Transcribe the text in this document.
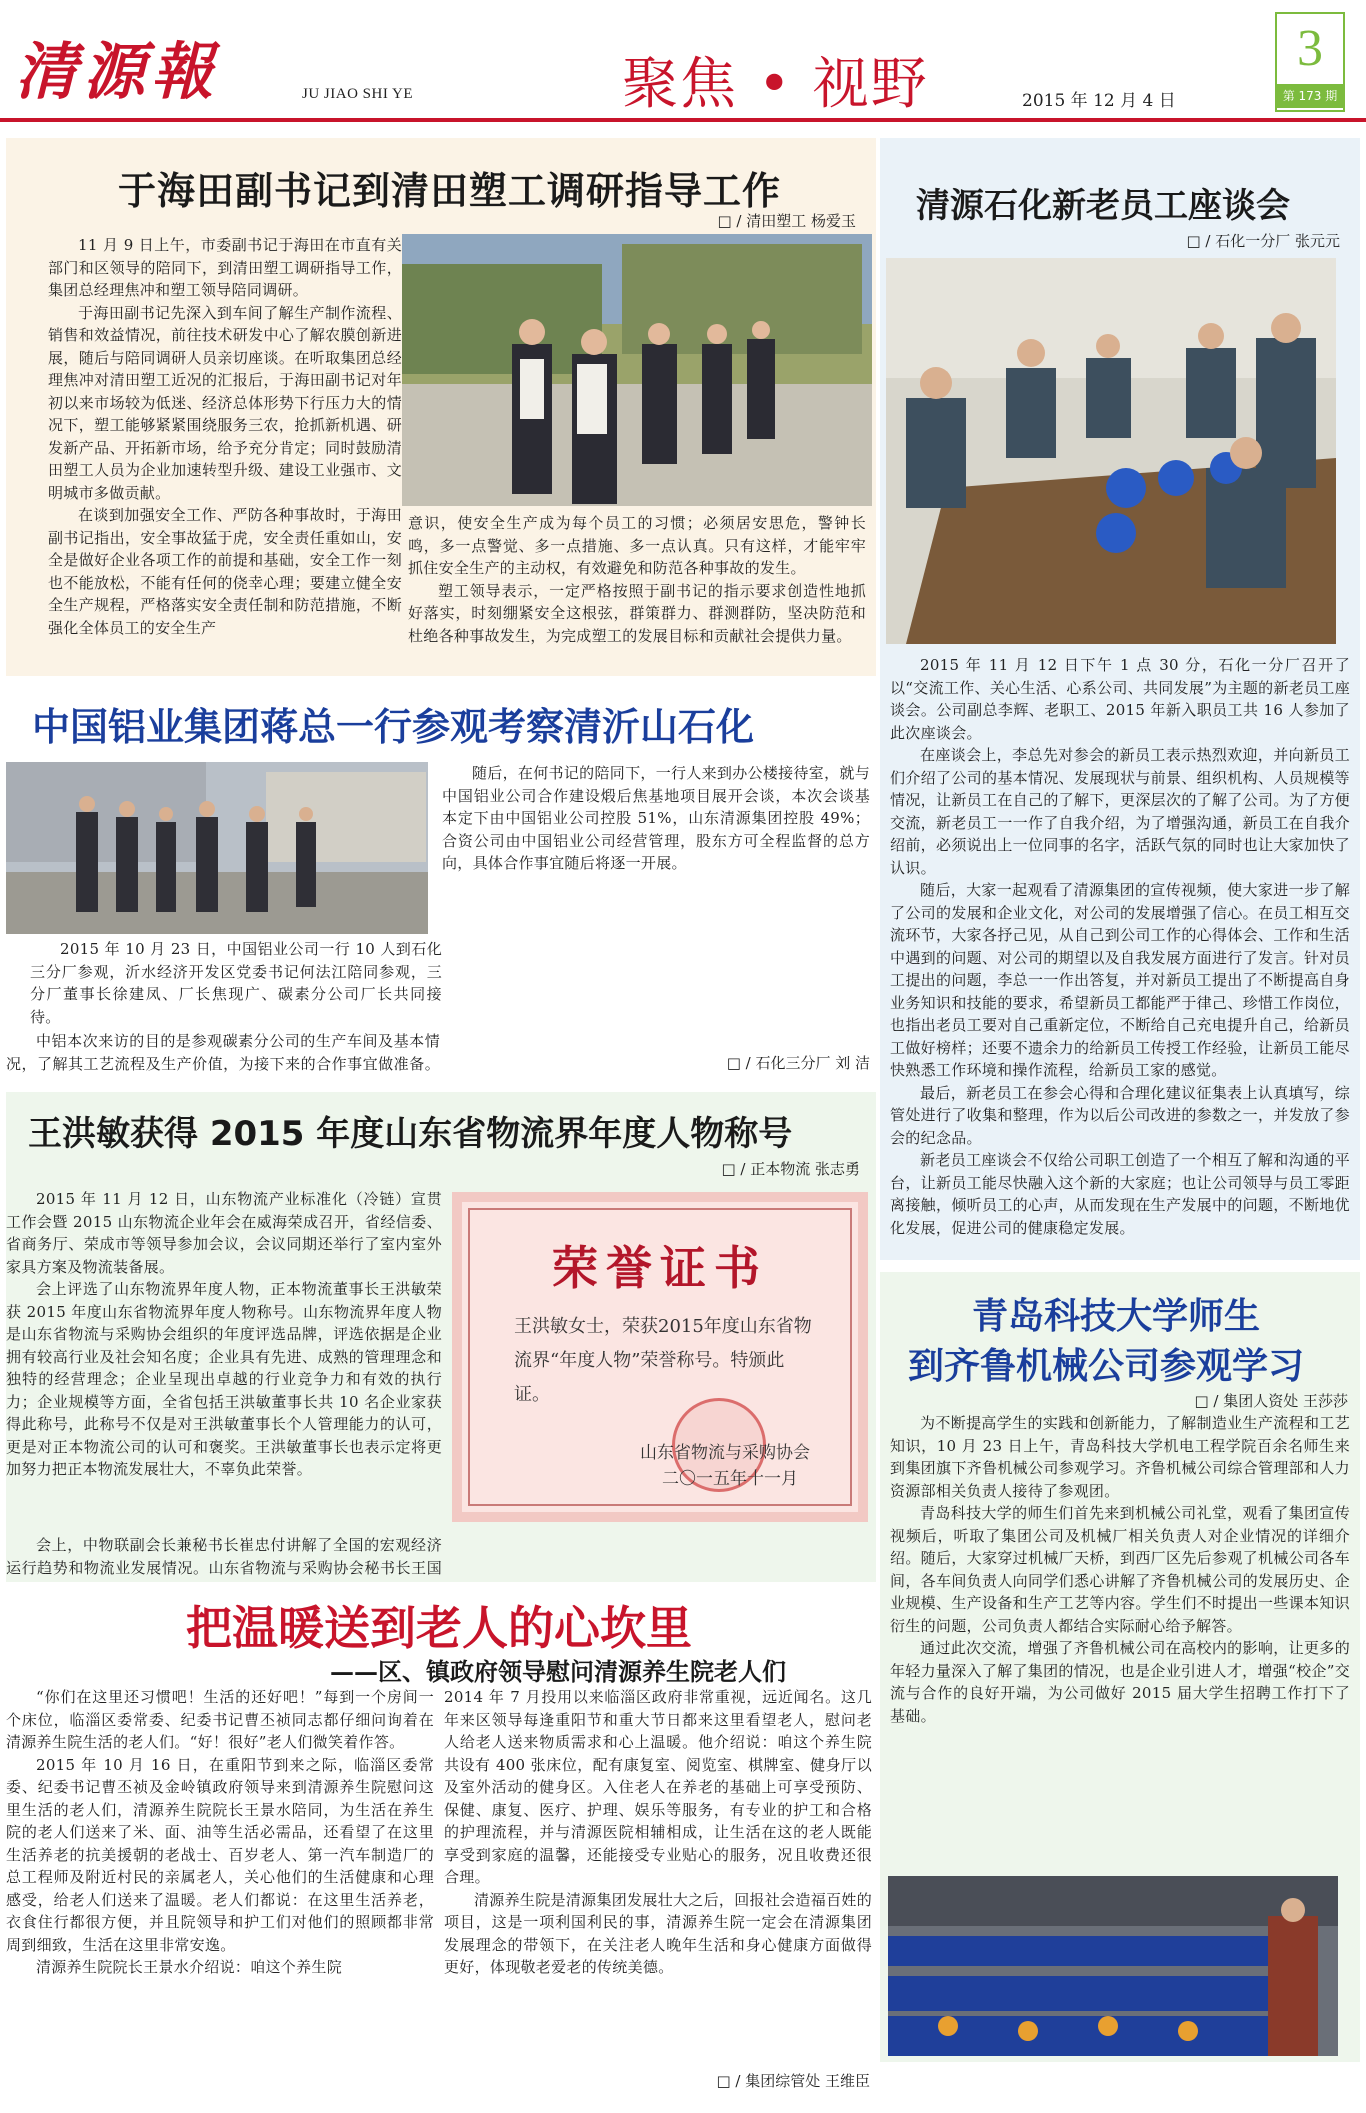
清源報	JU JIAO SHI YE	聚焦 • 视野	2015 年 12 月 4 日
3
第 173 期
于海田副书记到清田塑工调研指导工作
□ / 清田塑工 杨爱玉

11 月 9 日上午，市委副书记于海田在市直有关部门和区领导的陪同下，到清田塑工调研指导工作，集团总经理焦冲和塑工领导陪同调研。

于海田副书记先深入到车间了解生产制作流程、销售和效益情况，前往技术研发中心了解农膜创新进展，随后与陪同调研人员亲切座谈。在听取集团总经理焦冲对清田塑工近况的汇报后，于海田副书记对年初以来市场较为低迷、经济总体形势下行压力大的情况下，塑工能够紧紧围绕服务三农，抢抓新机遇、研发新产品、开拓新市场，给予充分肯定；同时鼓励清田塑工人员为企业加速转型升级、建设工业强市、文明城市多做贡献。

在谈到加强安全工作、严防各种事故时，于海田副书记指出，安全事故猛于虎，安全责任重如山，安全是做好企业各项工作的前提和基础，安全工作一刻也不能放松，不能有任何的侥幸心理；要建立健全安全生产规程，严格落实安全责任制和防范措施，不断强化全体员工的安全生产

意识，使安全生产成为每个员工的习惯；必须居安思危，警钟长鸣，多一点警觉、多一点措施、多一点认真。只有这样，才能牢牢抓住安全生产的主动权，有效避免和防范各种事故的发生。

塑工领导表示，一定严格按照于副书记的指示要求创造性地抓好落实，时刻绷紧安全这根弦，群策群力、群测群防，坚决防范和杜绝各种事故发生，为完成塑工的发展目标和贡献社会提供力量。

清源石化新老员工座谈会
□ / 石化一分厂 张元元

2015 年 11 月 12 日下午 1 点 30 分，石化一分厂召开了以“交流工作、关心生活、心系公司、共同发展”为主题的新老员工座谈会。公司副总李辉、老职工、2015 年新入职员工共 16 人参加了此次座谈会。

在座谈会上，李总先对参会的新员工表示热烈欢迎，并向新员工们介绍了公司的基本情况、发展现状与前景、组织机构、人员规模等情况，让新员工在自己的了解下，更深层次的了解了公司。为了方便交流，新老员工一一作了自我介绍，为了增强沟通，新员工在自我介绍前，必须说出上一位同事的名字，活跃气氛的同时也让大家加快了认识。

随后，大家一起观看了清源集团的宣传视频，使大家进一步了解了公司的发展和企业文化，对公司的发展增强了信心。在员工相互交流环节，大家各抒己见，从自己到公司工作的心得体会、工作和生活中遇到的问题、对公司的期望以及自我发展方面进行了发言。针对员工提出的问题，李总一一作出答复，并对新员工提出了不断提高自身业务知识和技能的要求，希望新员工都能严于律己、珍惜工作岗位，也指出老员工要对自己重新定位，不断给自己充电提升自己，给新员工做好榜样；还要不遗余力的给新员工传授工作经验，让新员工能尽快熟悉工作环境和操作流程，给新员工家的感觉。

最后，新老员工在参会心得和合理化建议征集表上认真填写，综管处进行了收集和整理，作为以后公司改进的参数之一，并发放了参会的纪念品。

新老员工座谈会不仅给公司职工创造了一个相互了解和沟通的平台，让新员工能尽快融入这个新的大家庭；也让公司领导与员工零距离接触，倾听员工的心声，从而发现在生产发展中的问题，不断地优化发展，促进公司的健康稳定发展。

中国铝业集团蒋总一行参观考察清沂山石化

2015 年 10 月 23 日，中国铝业公司一行 10 人到石化三分厂参观，沂水经济开发区党委书记何法江陪同参观，三分厂董事长徐建凤、厂长焦现广、碳素分公司厂长共同接待。

中铝本次来访的目的是参观碳素分公司的生产车间及基本情况，了解其工艺流程及生产价值，为接下来的合作事宜做准备。

随后，在何书记的陪同下，一行人来到办公楼接待室，就与中国铝业公司合作建设煅后焦基地项目展开会谈，本次会谈基本定下由中国铝业公司控股 51%，山东清源集团控股 49%；合资公司由中国铝业公司经营管理，股东方可全程监督的总方向，具体合作事宜随后将逐一开展。

□ / 石化三分厂 刘 洁
王洪敏获得 2015 年度山东省物流界年度人物称号
□ / 正本物流 张志勇

2015 年 11 月 12 日，山东物流产业标准化（冷链）宣贯工作会暨 2015 山东物流企业年会在威海荣成召开，省经信委、省商务厅、荣成市等领导参加会议，会议同期还举行了室内室外家具方案及物流装备展。

会上评选了山东物流界年度人物，正本物流董事长王洪敏荣获 2015 年度山东省物流界年度人物称号。山东物流界年度人物是山东省物流与采购协会组织的年度评选品牌，评选依据是企业拥有较高行业及社会知名度；企业具有先进、成熟的管理理念和独特的经营理念；企业呈现出卓越的行业竞争力和有效的执行力；企业规模等方面，全省包括王洪敏董事长共 10 名企业家获得此称号，此称号不仅是对王洪敏董事长个人管理能力的认可，更是对正本物流公司的认可和褒奖。王洪敏董事长也表示定将更加努力把正本物流发展壮大，不辜负此荣誉。

荣誉证书
王洪敏女士，荣获2015年度山东省物流界“年度人物”荣誉称号。特颁此证。
山东省物流与采购协会
二〇一五年十一月

会上，中物联副会长兼秘书长崔忠付讲解了全国的宏观经济运行趋势和物流业发展情况。山东省物流与采购协会秘书长王国

青岛科技大学师生
到齐鲁机械公司参观学习
□ / 集团人资处 王莎莎

为不断提高学生的实践和创新能力，了解制造业生产流程和工艺知识，10 月 23 日上午，青岛科技大学机电工程学院百余名师生来到集团旗下齐鲁机械公司参观学习。齐鲁机械公司综合管理部和人力资源部相关负责人接待了参观团。

青岛科技大学的师生们首先来到机械公司礼堂，观看了集团宣传视频后，听取了集团公司及机械厂相关负责人对企业情况的详细介绍。随后，大家穿过机械厂天桥，到西厂区先后参观了机械公司各车间，各车间负责人向同学们悉心讲解了齐鲁机械公司的发展历史、企业规模、生产设备和生产工艺等内容。学生们不时提出一些课本知识衍生的问题，公司负责人都结合实际耐心给予解答。

通过此次交流，增强了齐鲁机械公司在高校内的影响，让更多的年轻力量深入了解了集团的情况，也是企业引进人才，增强“校企”交流与合作的良好开端，为公司做好 2015 届大学生招聘工作打下了基础。

把温暖送到老人的心坎里
——区、镇政府领导慰问清源养生院老人们

“你们在这里还习惯吧！生活的还好吧！”每到一个房间一个床位，临淄区委常委、纪委书记曹丕祯同志都仔细问询着在清源养生院生活的老人们。“好！很好”老人们微笑着作答。

2015 年 10 月 16 日，在重阳节到来之际，临淄区委常委、纪委书记曹丕祯及金岭镇政府领导来到清源养生院慰问这里生活的老人们，清源养生院院长王景水陪同，为生活在养生院的老人们送来了米、面、油等生活必需品，还看望了在这里生活养老的抗美援朝的老战士、百岁老人、第一汽车制造厂的总工程师及附近村民的亲属老人，关心他们的生活健康和心理感受，给老人们送来了温暖。老人们都说：在这里生活养老，衣食住行都很方便，并且院领导和护工们对他们的照顾都非常周到细致，生活在这里非常安逸。

清源养生院院长王景水介绍说：咱这个养生院

2014 年 7 月投用以来临淄区政府非常重视，远近闻名。这几年来区领导每逢重阳节和重大节日都来这里看望老人，慰问老人给老人送来物质需求和心上温暖。他介绍说：咱这个养生院共设有 400 张床位，配有康复室、阅览室、棋牌室、健身厅以及室外活动的健身区。入住老人在养老的基础上可享受预防、保健、康复、医疗、护理、娱乐等服务，有专业的护工和合格的护理流程，并与清源医院相辅相成，让生活在这的老人既能享受到家庭的温馨，还能接受专业贴心的服务，况且收费还很合理。

清源养生院是清源集团发展壮大之后，回报社会造福百姓的项目，这是一项利国利民的事，清源养生院一定会在清源集团发展理念的带领下，在关注老人晚年生活和身心健康方面做得更好，体现敬老爱老的传统美德。

□ / 集团综管处 王维臣
